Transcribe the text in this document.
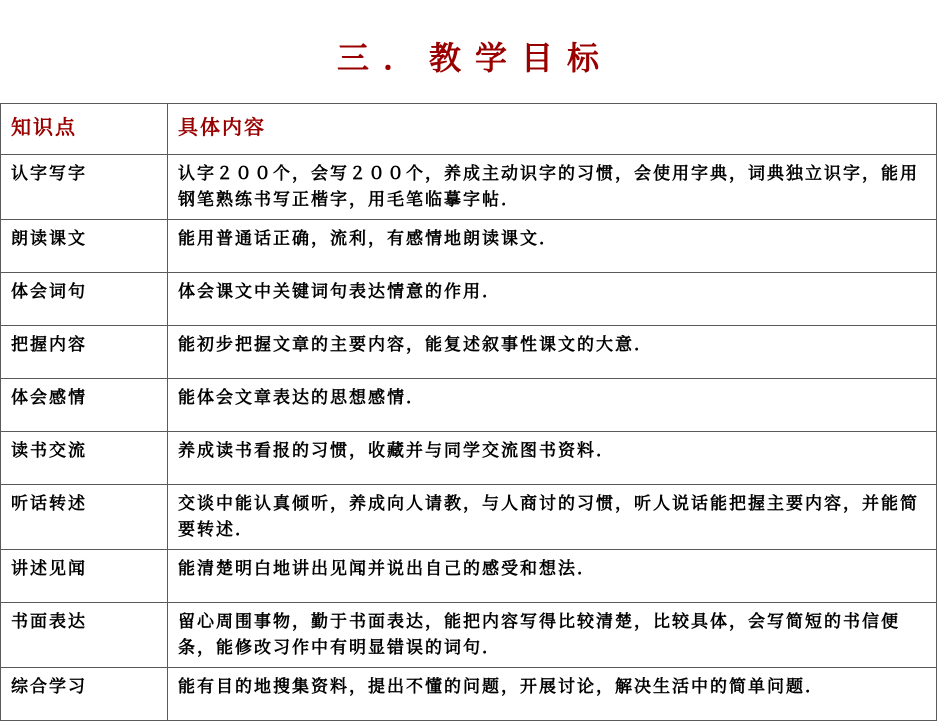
三．教学目标
知识点	具体内容
认字写字	认字２００个，会写２００个，养成主动识字的习惯，会使用字典，词典独立识字，能用钢笔熟练书写正楷字，用毛笔临摹字帖．
朗读课文	能用普通话正确，流利，有感情地朗读课文．
体会词句	体会课文中关键词句表达情意的作用．
把握内容	能初步把握文章的主要内容，能复述叙事性课文的大意．
体会感情	能体会文章表达的思想感情．
读书交流	养成读书看报的习惯，收藏并与同学交流图书资料．
听话转述	交谈中能认真倾听，养成向人请教，与人商讨的习惯，听人说话能把握主要内容，并能简要转述．
讲述见闻	能清楚明白地讲出见闻并说出自己的感受和想法．
书面表达	留心周围事物，勤于书面表达，能把内容写得比较清楚，比较具体，会写简短的书信便条，能修改习作中有明显错误的词句．
综合学习	能有目的地搜集资料，提出不懂的问题，开展讨论，解决生活中的简单问题．
